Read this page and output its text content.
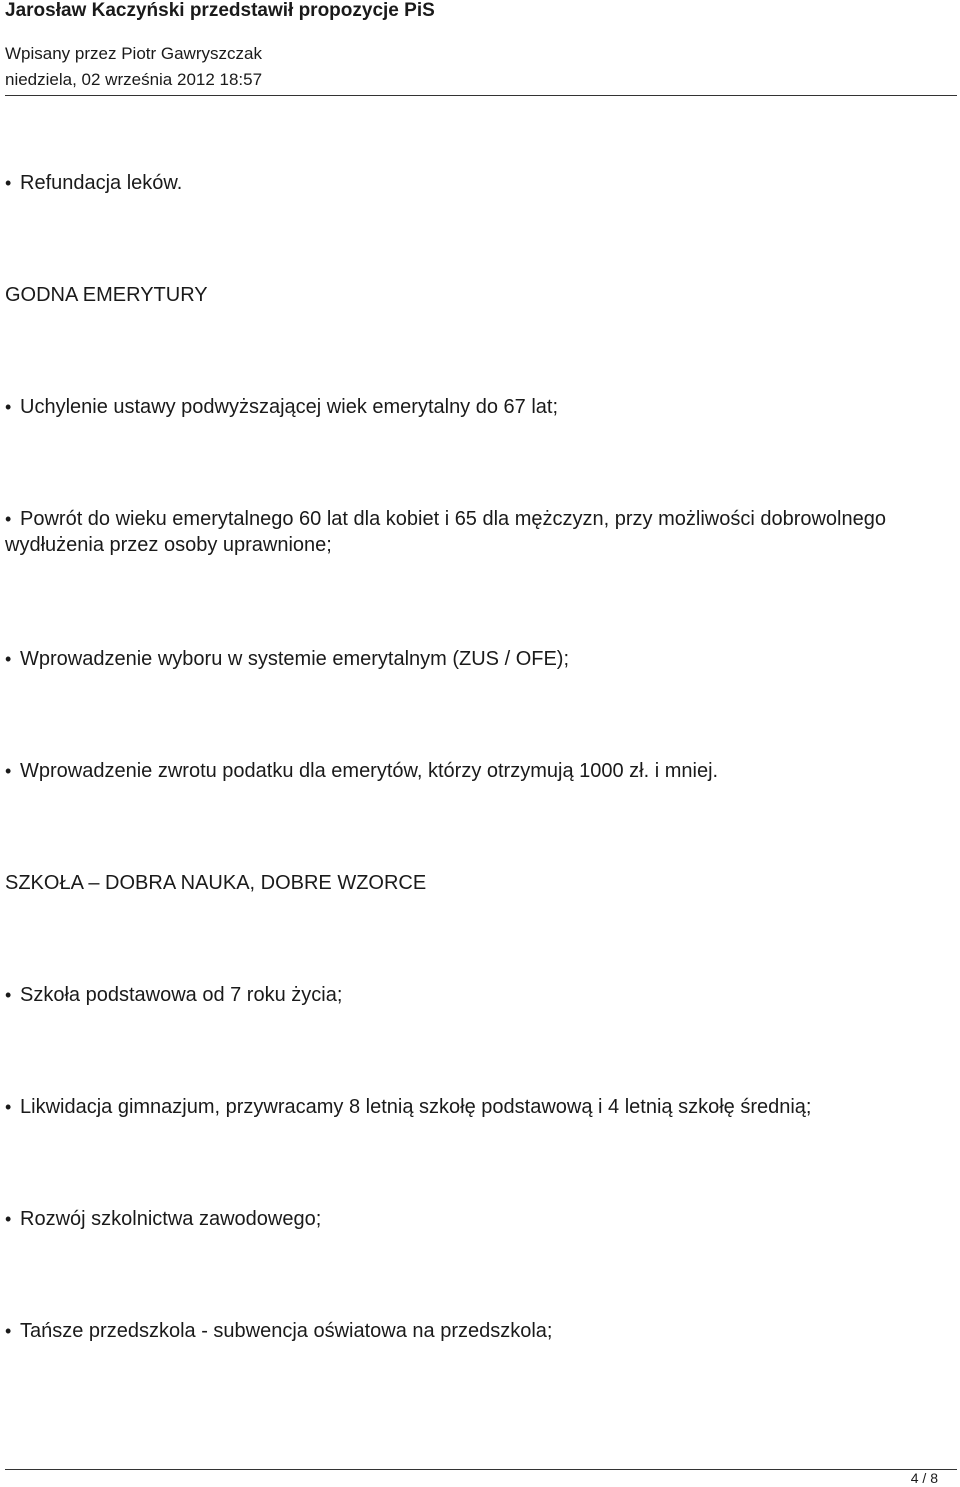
Jarosław Kaczyński przedstawił propozycje PiS
Wpisany przez Piotr Gawryszczak
niedziela, 02 września 2012 18:57
• Refundacja leków.
GODNA EMERYTURY
• Uchylenie ustawy podwyższającej wiek emerytalny do 67 lat;
• Powrót do wieku emerytalnego 60 lat dla kobiet i 65 dla mężczyzn, przy możliwości dobrowolnego wydłużenia przez osoby uprawnione;
• Wprowadzenie wyboru w systemie emerytalnym (ZUS / OFE);
• Wprowadzenie zwrotu podatku dla emerytów, którzy otrzymują 1000 zł. i mniej.
SZKOŁA – DOBRA NAUKA, DOBRE WZORCE
• Szkoła podstawowa od 7 roku życia;
• Likwidacja gimnazjum, przywracamy 8 letnią szkołę podstawową i 4 letnią szkołę średnią;
• Rozwój szkolnictwa zawodowego;
• Tańsze przedszkola - subwencja oświatowa na przedszkola;
4 / 8
